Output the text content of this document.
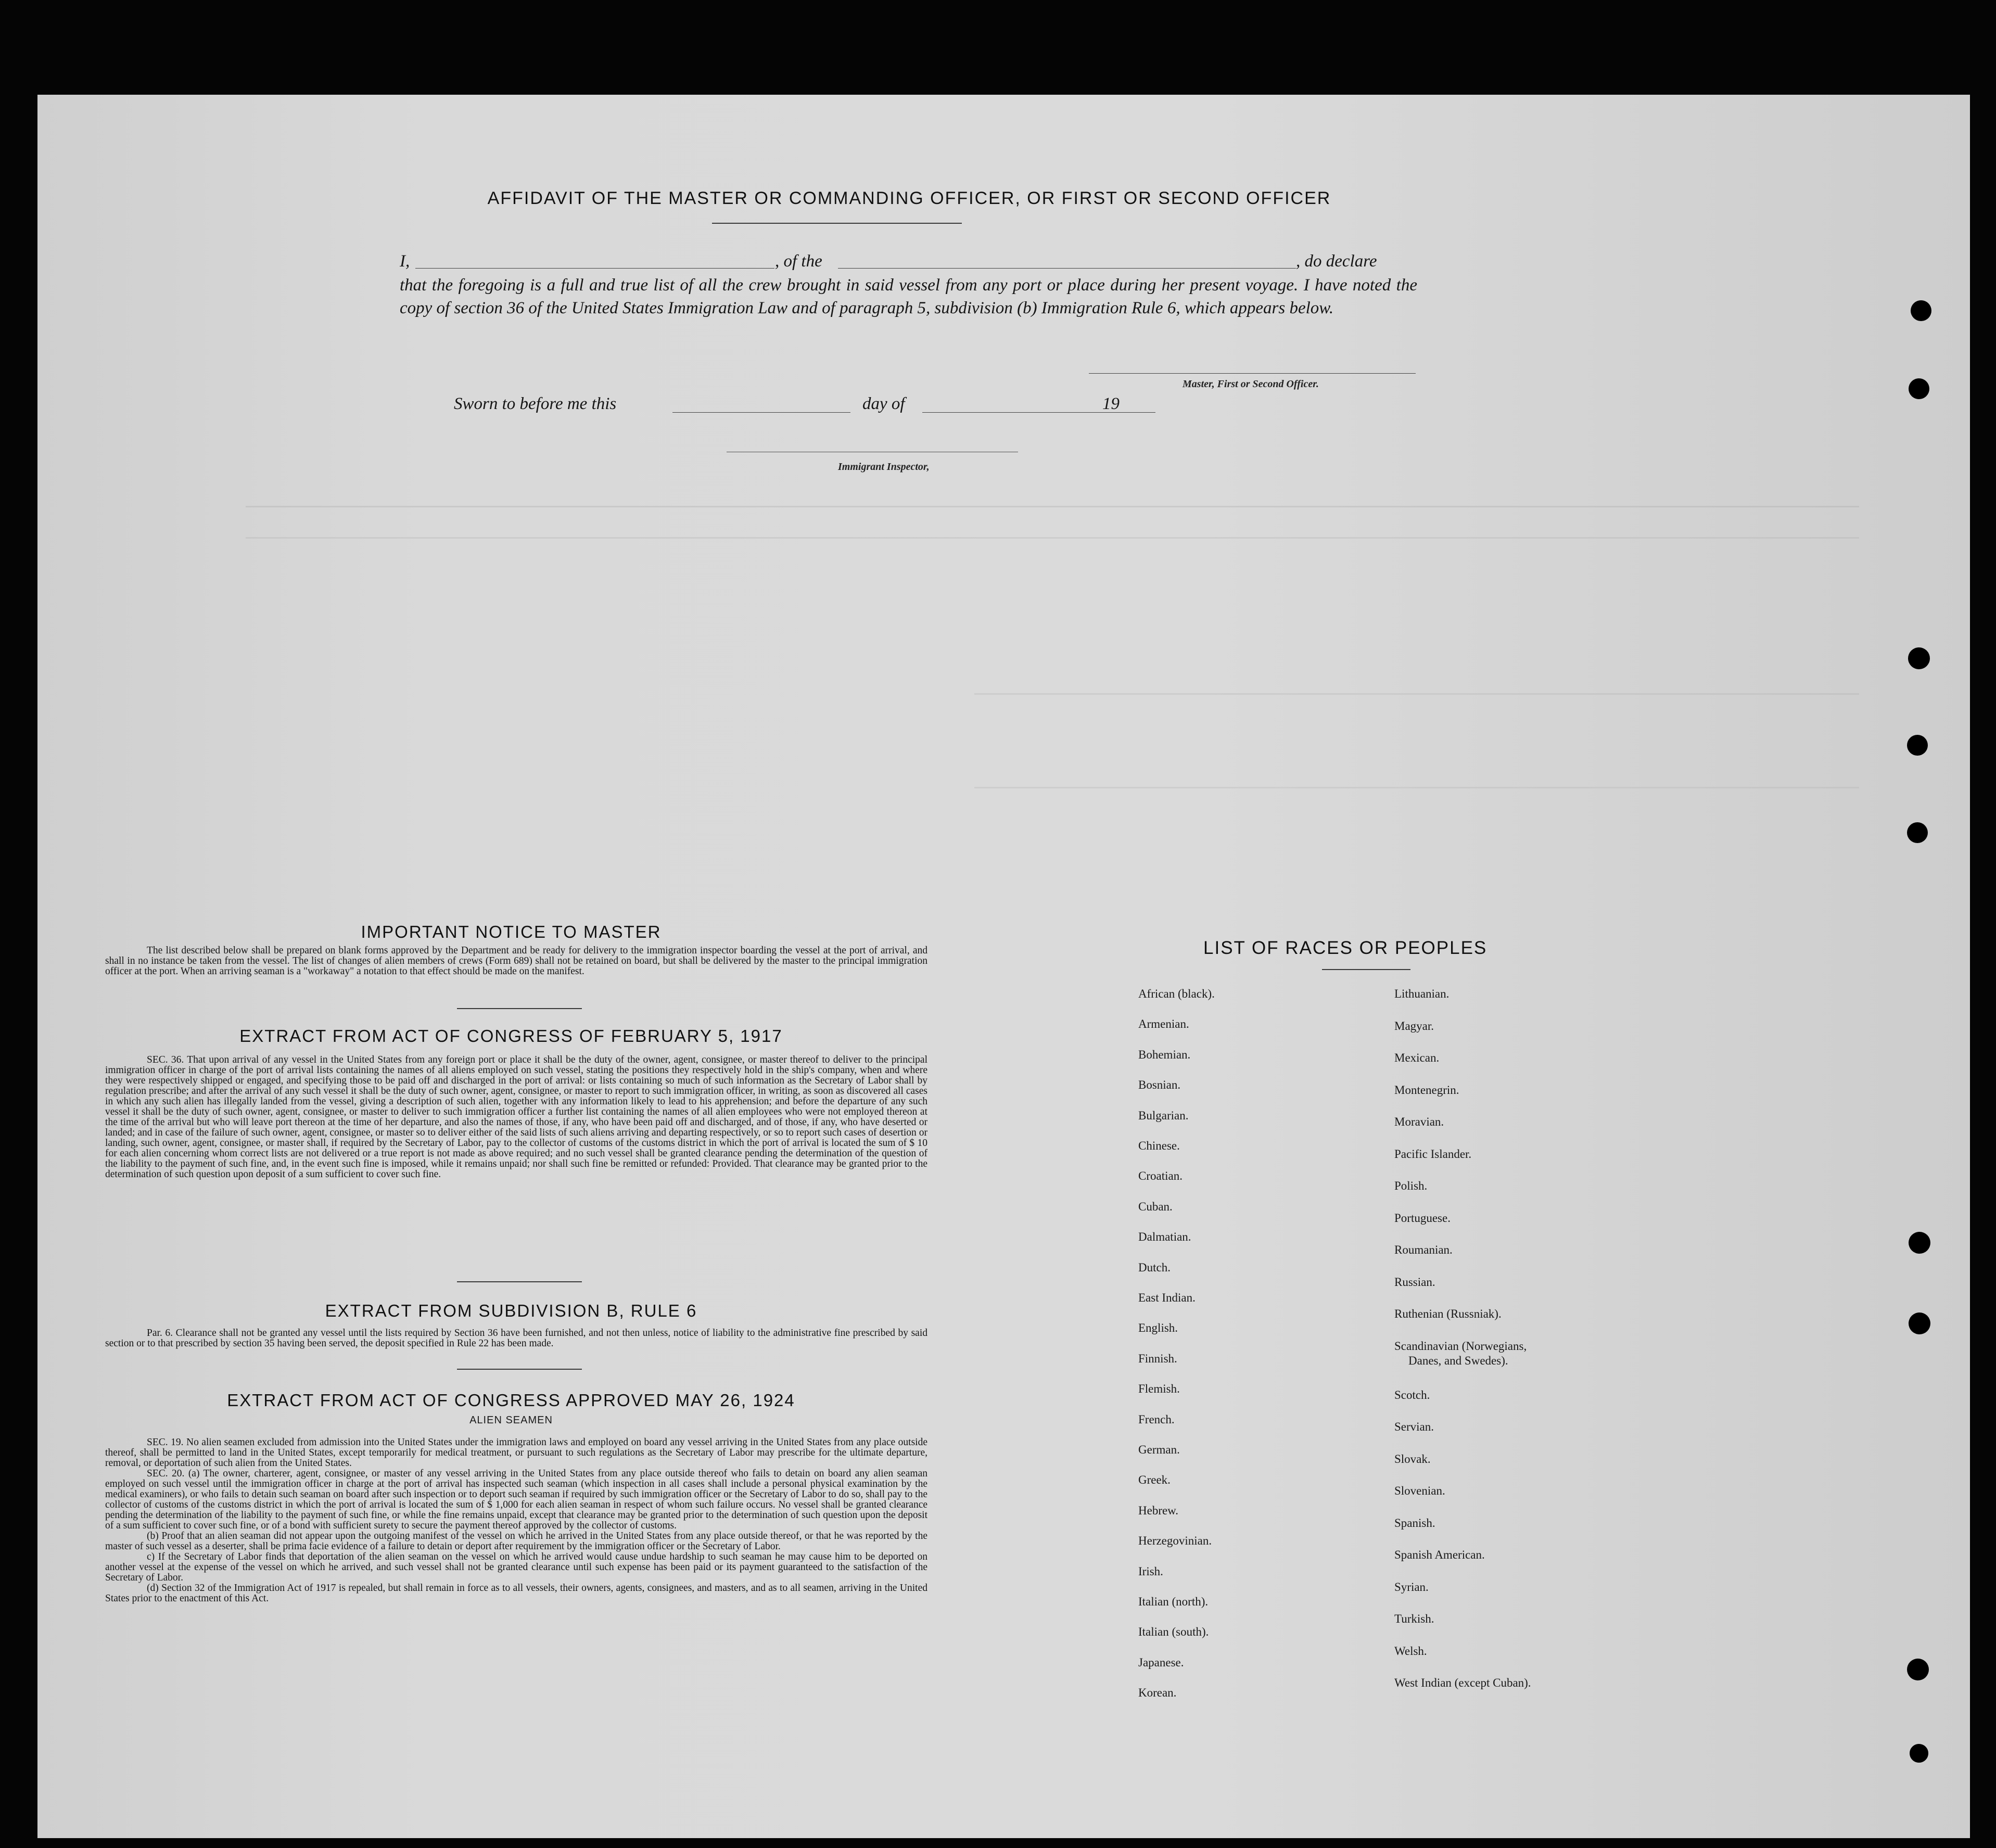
AFFIDAVIT OF THE MASTER OR COMMANDING OFFICER, OR FIRST OR SECOND OFFICER
I,	, of the	, do declare
that the foregoing is a full and true list of all the crew brought in said vessel from any port or place during her present voyage. I have noted the copy of section 36 of the United States Immigration Law and of paragraph 5, subdivision (b) Immigration Rule 6, which appears below.
Master, First or Second Officer.
Sworn to before me this	day of	19
Immigrant Inspector,
IMPORTANT NOTICE TO MASTER
The list described below shall be prepared on blank forms approved by the Department and be ready for delivery to the immigration inspector boarding the vessel at the port of arrival, and shall in no instance be taken from the vessel. The list of changes of alien members of crews (Form 689) shall not be retained on board, but shall be delivered by the master to the principal immigration officer at the port. When an arriving seaman is a "workaway" a notation to that effect should be made on the manifest.
EXTRACT FROM ACT OF CONGRESS OF FEBRUARY 5, 1917
SEC. 36. That upon arrival of any vessel in the United States from any foreign port or place it shall be the duty of the owner, agent, consignee, or master thereof to deliver to the principal immigration officer in charge of the port of arrival lists containing the names of all aliens employed on such vessel, stating the positions they respectively hold in the ship's company, when and where they were respectively shipped or engaged, and specifying those to be paid off and discharged in the port of arrival: or lists containing so much of such information as the Secretary of Labor shall by regulation prescribe; and after the arrival of any such vessel it shall be the duty of such owner, agent, consignee, or master to report to such immigration officer, in writing, as soon as discovered all cases in which any such alien has illegally landed from the vessel, giving a description of such alien, together with any information likely to lead to his apprehension; and before the departure of any such vessel it shall be the duty of such owner, agent, consignee, or master to deliver to such immigration officer a further list containing the names of all alien employees who were not employed thereon at the time of the arrival but who will leave port thereon at the time of her departure, and also the names of those, if any, who have been paid off and discharged, and of those, if any, who have deserted or landed; and in case of the failure of such owner, agent, consignee, or master so to deliver either of the said lists of such aliens arriving and departing respectively, or so to report such cases of desertion or landing, such owner, agent, consignee, or master shall, if required by the Secretary of Labor, pay to the collector of customs of the customs district in which the port of arrival is located the sum of $ 10 for each alien concerning whom correct lists are not delivered or a true report is not made as above required; and no such vessel shall be granted clearance pending the determination of the question of the liability to the payment of such fine, and, in the event such fine is imposed, while it remains unpaid; nor shall such fine be remitted or refunded: Provided. That clearance may be granted prior to the determination of such question upon deposit of a sum sufficient to cover such fine.
EXTRACT FROM SUBDIVISION B, RULE 6
Par. 6. Clearance shall not be granted any vessel until the lists required by Section 36 have been furnished, and not then unless, notice of liability to the administrative fine prescribed by said section or to that prescribed by section 35 having been served, the deposit specified in Rule 22 has been made.
EXTRACT FROM ACT OF CONGRESS APPROVED MAY 26, 1924
ALIEN SEAMEN
SEC. 19. No alien seamen excluded from admission into the United States under the immigration laws and employed on board any vessel arriving in the United States from any place outside thereof, shall be permitted to land in the United States, except temporarily for medical treatment, or pursuant to such regulations as the Secretary of Labor may prescribe for the ultimate departure, removal, or deportation of such alien from the United States.
SEC. 20. (a) The owner, charterer, agent, consignee, or master of any vessel arriving in the United States from any place outside thereof who fails to detain on board any alien seaman employed on such vessel until the immigration officer in charge at the port of arrival has inspected such seaman (which inspection in all cases shall include a personal physical examination by the medical examiners), or who fails to detain such seaman on board after such inspection or to deport such seaman if required by such immigration officer or the Secretary of Labor to do so, shall pay to the collector of customs of the customs district in which the port of arrival is located the sum of $ 1,000 for each alien seaman in respect of whom such failure occurs. No vessel shall be granted clearance pending the determination of the liability to the payment of such fine, or while the fine remains unpaid, except that clearance may be granted prior to the determination of such question upon the deposit of a sum sufficient to cover such fine, or of a bond with sufficient surety to secure the payment thereof approved by the collector of customs.
(b) Proof that an alien seaman did not appear upon the outgoing manifest of the vessel on which he arrived in the United States from any place outside thereof, or that he was reported by the master of such vessel as a deserter, shall be prima facie evidence of a failure to detain or deport after requirement by the immigration officer or the Secretary of Labor.
c) If the Secretary of Labor finds that deportation of the alien seaman on the vessel on which he arrived would cause undue hardship to such seaman he may cause him to be deported on another vessel at the expense of the vessel on which he arrived, and such vessel shall not be granted clearance until such expense has been paid or its payment guaranteed to the satisfaction of the Secretary of Labor.
(d) Section 32 of the Immigration Act of 1917 is repealed, but shall remain in force as to all vessels, their owners, agents, consignees, and masters, and as to all seamen, arriving in the United States prior to the enactment of this Act.
LIST OF RACES OR PEOPLES
African (black).
Armenian.
Bohemian.
Bosnian.
Bulgarian.
Chinese.
Croatian.
Cuban.
Dalmatian.
Dutch.
East Indian.
English.
Finnish.
Flemish.
French.
German.
Greek.
Hebrew.
Herzegovinian.
Irish.
Italian (north).
Italian (south).
Japanese.
Korean.
Lithuanian.
Magyar.
Mexican.
Montenegrin.
Moravian.
Pacific Islander.
Polish.
Portuguese.
Roumanian.
Russian.
Ruthenian (Russniak).
Scandinavian (Norwegians,
Danes, and Swedes).
Scotch.
Servian.
Slovak.
Slovenian.
Spanish.
Spanish American.
Syrian.
Turkish.
Welsh.
West Indian (except Cuban).
